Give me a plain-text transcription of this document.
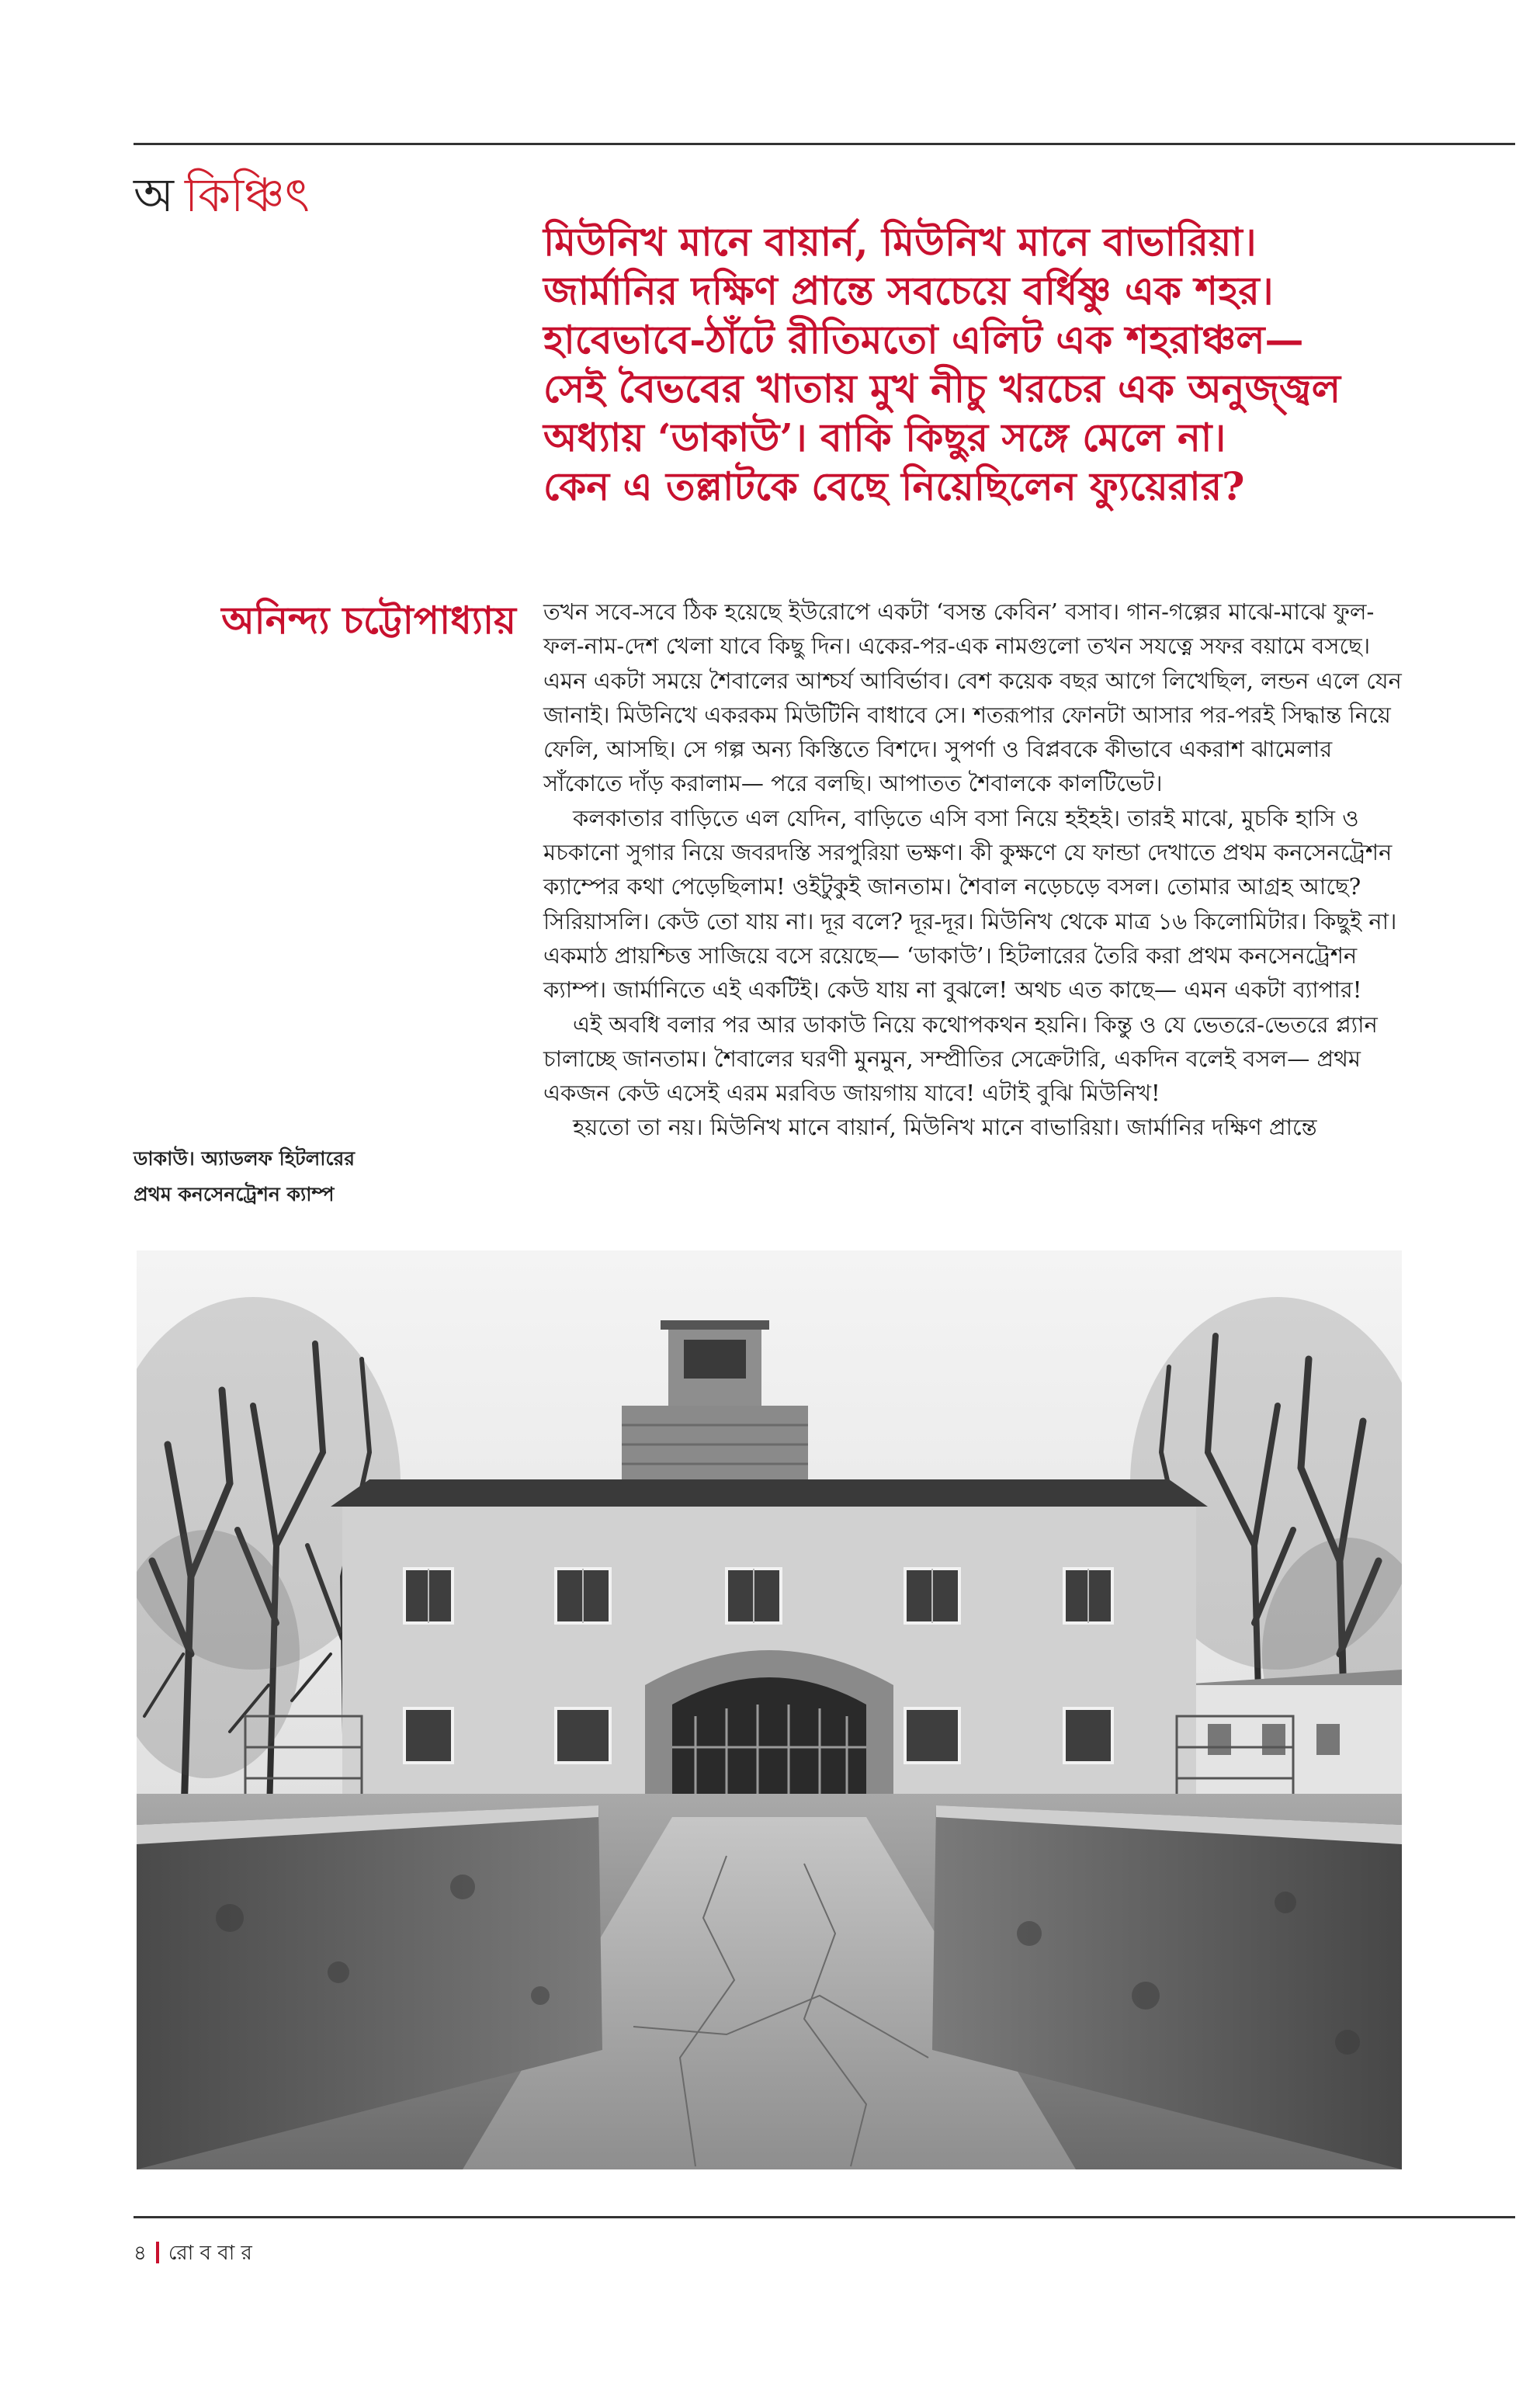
অ কিঞ্চিৎ
মিউনিখ মানে বায়ার্ন, মিউনিখ মানে বাভারিয়া।
জার্মানির দক্ষিণ প্রান্তে সবচেয়ে বর্ধিষ্ণু এক শহর।
হাবেভাবে-ঠাঁটে রীতিমতো এলিট এক শহরাঞ্চল—
সেই বৈভবের খাতায় মুখ নীচু খরচের এক অনুজ্জ্বল
অধ্যায় ‘ডাকাউ’। বাকি কিছুর সঙ্গে মেলে না।
কেন এ তল্লাটকে বেছে নিয়েছিলেন ফ্যুয়েরার?
অনিন্দ্য চট্টোপাধ্যায় তখন সবে-সবে ঠিক হয়েছে ইউরোপে একটা ‘বসন্ত কেবিন’ বসাব। গান-গল্পের মাঝে-মাঝে ফুল-ফল-নাম-দেশ খেলা যাবে কিছু দিন। একের-পর-এক নামগুলো তখন সযত্নে সফর বয়ামে বসছে। এমন একটা সময়ে শৈবালের আশ্চর্য আবির্ভাব। বেশ কয়েক বছর আগে লিখেছিল, লন্ডন এলে যেন জানাই। মিউনিখে একরকম মিউটিনি বাধাবে সে। শতরূপার ফোনটা আসার পর-পরই সিদ্ধান্ত নিয়ে ফেলি, আসছি। সে গল্প অন্য কিস্তিতে বিশদে। সুপর্ণা ও বিপ্লবকে কীভাবে একরাশ ঝামেলার সাঁকোতে দাঁড় করালাম— পরে বলছি। আপাতত শৈবালকে কালটিভেট।

কলকাতার বাড়িতে এল যেদিন, বাড়িতে এসি বসা নিয়ে হইহই। তারই মাঝে, মুচকি হাসি ও মচকানো সুগার নিয়ে জবরদস্তি সরপুরিয়া ভক্ষণ। কী কুক্ষণে যে ফান্ডা দেখাতে প্রথম কনসেনট্রেশন ক্যাম্পের কথা পেড়েছিলাম! ওইটুকুই জানতাম। শৈবাল নড়েচড়ে বসল। তোমার আগ্রহ আছে? সিরিয়াসলি। কেউ তো যায় না। দূর বলে? দূর-দূর। মিউনিখ থেকে মাত্র ১৬ কিলোমিটার। কিছুই না। একমাঠ প্রায়শ্চিত্ত সাজিয়ে বসে রয়েছে— ‘ডাকাউ’। হিটলারের তৈরি করা প্রথম কনসেনট্রেশন ক্যাম্প। জার্মানিতে এই একটিই। কেউ যায় না বুঝলে! অথচ এত কাছে— এমন একটা ব্যাপার!

এই অবধি বলার পর আর ডাকাউ নিয়ে কথোপকথন হয়নি। কিন্তু ও যে ভেতরে-ভেতরে প্ল্যান চালাচ্ছে জানতাম। শৈবালের ঘরণী মুনমুন, সম্প্রীতির সেক্রেটারি, একদিন বলেই বসল— প্রথম একজন কেউ এসেই এরম মরবিড জায়গায় যাবে! এটাই বুঝি মিউনিখ!

হয়তো তা নয়। মিউনিখ মানে বায়ার্ন, মিউনিখ মানে বাভারিয়া। জার্মানির দক্ষিণ প্রান্তে

ডাকাউ। অ্যাডলফ হিটলারের
প্রথম কনসেনট্রেশন ক্যাম্প
৪ রো ব বা র
